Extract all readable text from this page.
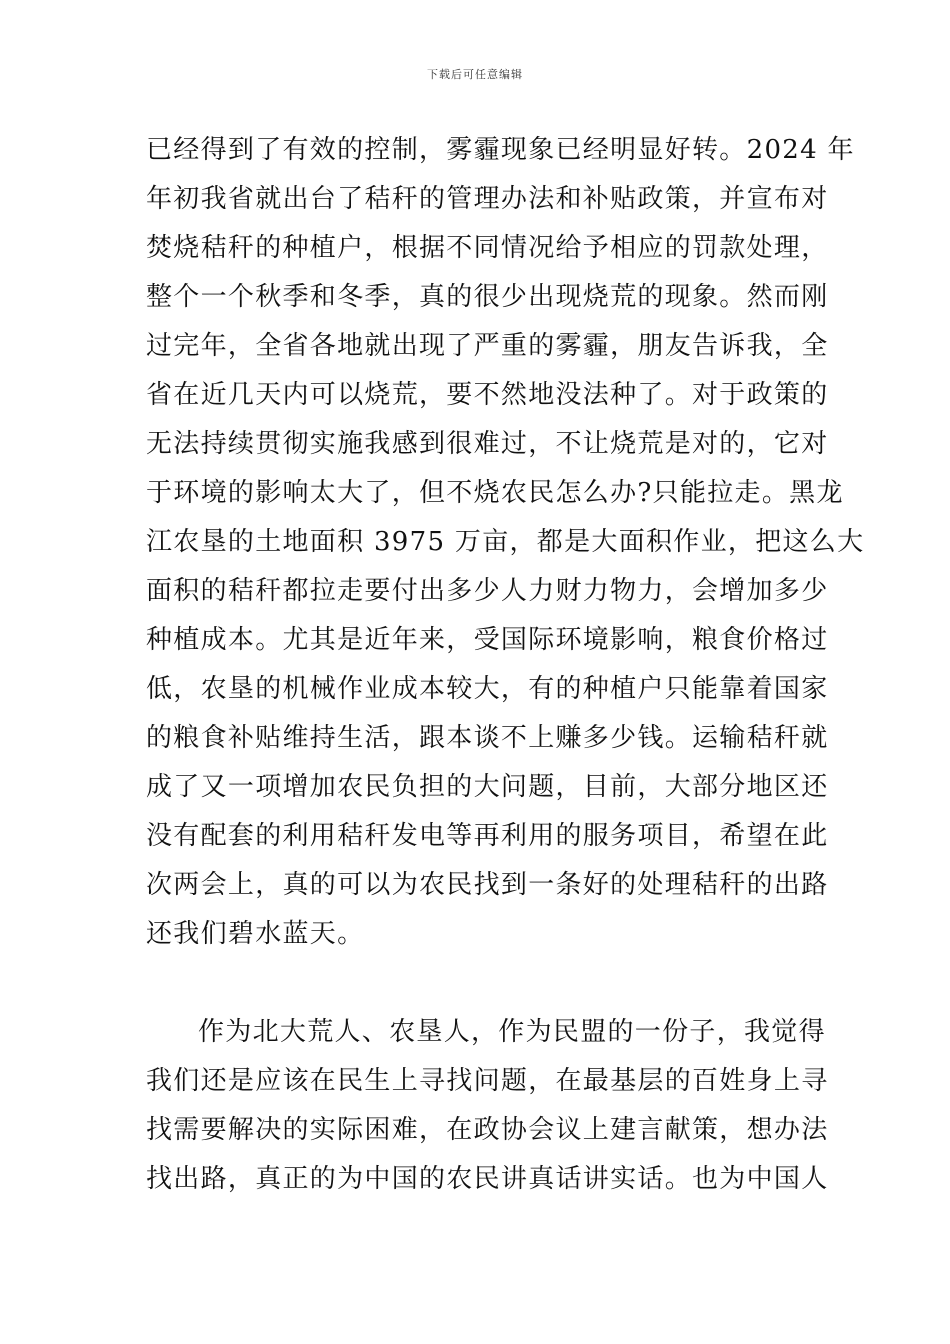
下载后可任意编辑
已经得到了有效的控制，雾霾现象已经明显好转。2024 年
年初我省就出台了秸秆的管理办法和补贴政策，并宣布对
焚烧秸秆的种植户，根据不同情况给予相应的罚款处理，
整个一个秋季和冬季，真的很少出现烧荒的现象。然而刚
过完年，全省各地就出现了严重的雾霾，朋友告诉我，全
省在近几天内可以烧荒，要不然地没法种了。对于政策的
无法持续贯彻实施我感到很难过，不让烧荒是对的，它对
于环境的影响太大了，但不烧农民怎么办?只能拉走。黑龙
江农垦的土地面积 3975 万亩，都是大面积作业，把这么大
面积的秸秆都拉走要付出多少人力财力物力，会增加多少
种植成本。尤其是近年来，受国际环境影响，粮食价格过
低，农垦的机械作业成本较大，有的种植户只能靠着国家
的粮食补贴维持生活，跟本谈不上赚多少钱。运输秸秆就
成了又一项增加农民负担的大问题，目前，大部分地区还
没有配套的利用秸秆发电等再利用的服务项目，希望在此
次两会上，真的可以为农民找到一条好的处理秸秆的出路
还我们碧水蓝天。
作为北大荒人、农垦人，作为民盟的一份子，我觉得
我们还是应该在民生上寻找问题，在最基层的百姓身上寻
找需要解决的实际困难，在政协会议上建言献策，想办法
找出路，真正的为中国的农民讲真话讲实话。也为中国人
